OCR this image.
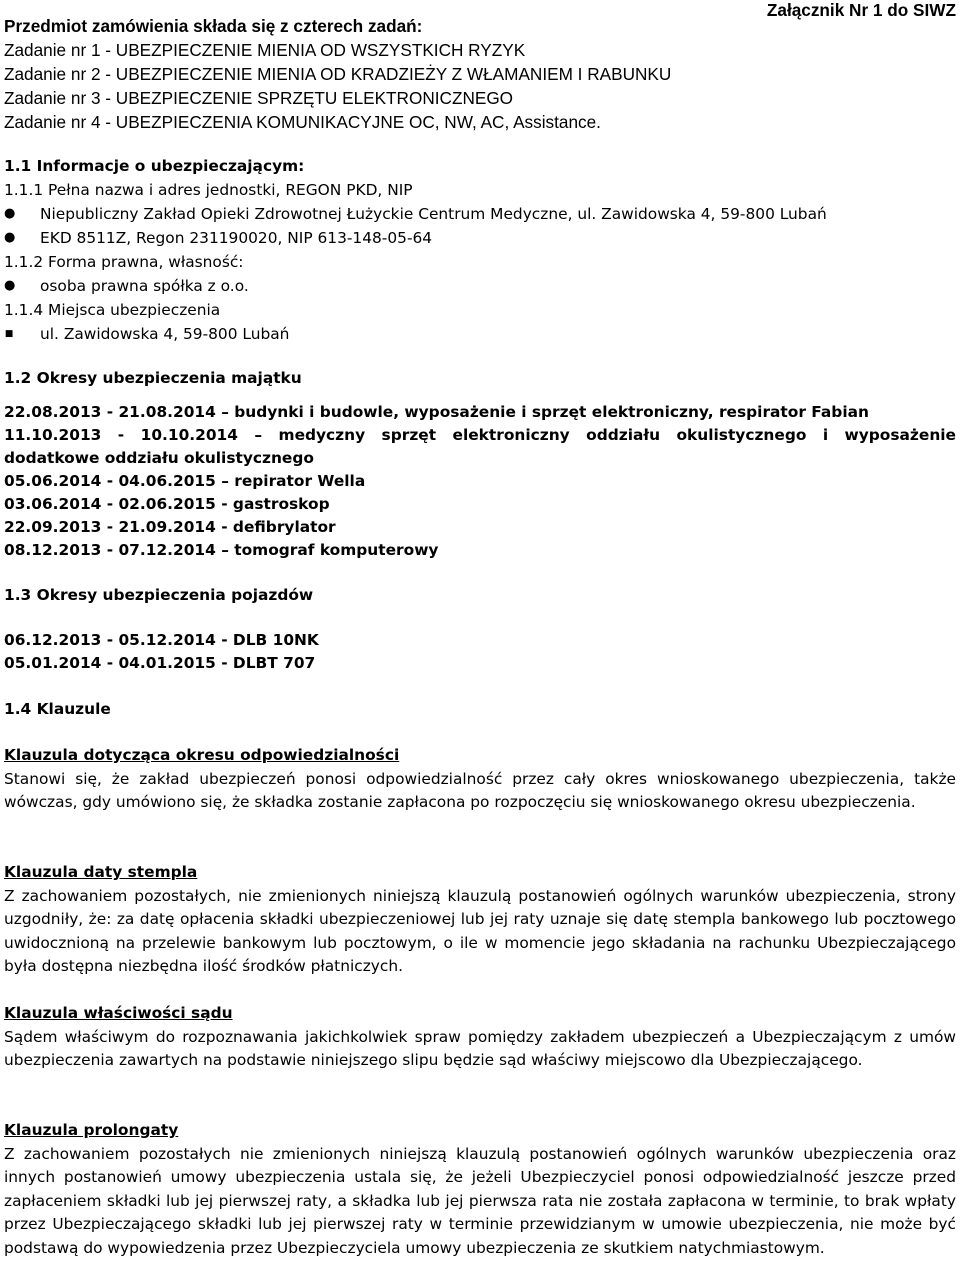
Załącznik Nr 1 do SIWZ
Przedmiot zamówienia składa się z czterech zadań:
Zadanie nr 1 - UBEZPIECZENIE MIENIA OD WSZYSTKICH RYZYK
Zadanie nr 2 - UBEZPIECZENIE MIENIA OD KRADZIEŻY Z WŁAMANIEM I RABUNKU
Zadanie nr 3 - UBEZPIECZENIE SPRZĘTU ELEKTRONICZNEGO
Zadanie nr 4 - UBEZPIECZENIA KOMUNIKACYJNE OC, NW, AC, Assistance.
1.1 Informacje o ubezpieczającym:
1.1.1 Pełna nazwa i adres jednostki, REGON PKD, NIP
● Niepubliczny Zakład Opieki Zdrowotnej Łużyckie Centrum Medyczne, ul. Zawidowska 4, 59-800 Lubań
● EKD 8511Z, Regon 231190020, NIP 613-148-05-64
1.1.2 Forma prawna, własność:
● osoba prawna spółka z o.o.
1.1.4 Miejsca ubezpieczenia
■ ul. Zawidowska 4, 59-800 Lubań
1.2 Okresy ubezpieczenia majątku
22.08.2013 - 21.08.2014 – budynki i budowle, wyposażenie i sprzęt elektroniczny, respirator Fabian
11.10.2013 - 10.10.2014 – medyczny sprzęt elektroniczny oddziału okulistycznego i wyposażenie
dodatkowe oddziału okulistycznego
05.06.2014 - 04.06.2015 – repirator Wella
03.06.2014 - 02.06.2015 - gastroskop
22.09.2013 - 21.09.2014 - defibrylator
08.12.2013 - 07.12.2014 – tomograf komputerowy
1.3 Okresy ubezpieczenia pojazdów
06.12.2013 - 05.12.2014 - DLB 10NK
05.01.2014 - 04.01.2015 - DLBT 707
1.4 Klauzule
Klauzula dotycząca okresu odpowiedzialności
Stanowi się, że zakład ubezpieczeń ponosi odpowiedzialność przez cały okres wnioskowanego ubezpieczenia, także wówczas, gdy umówiono się, że składka zostanie zapłacona po rozpoczęciu się wnioskowanego okresu ubezpieczenia.
Klauzula daty stempla
Z zachowaniem pozostałych, nie zmienionych niniejszą klauzulą postanowień ogólnych warunków ubezpieczenia, strony uzgodniły, że: za datę opłacenia składki ubezpieczeniowej lub jej raty uznaje się datę stempla bankowego lub pocztowego uwidocznioną na przelewie bankowym lub pocztowym, o ile w momencie jego składania na rachunku Ubezpieczającego była dostępna niezbędna ilość środków płatniczych.
Klauzula właściwości sądu
Sądem właściwym do rozpoznawania jakichkolwiek spraw pomiędzy zakładem ubezpieczeń a Ubezpieczającym z umów ubezpieczenia zawartych na podstawie niniejszego slipu będzie sąd właściwy miejscowo dla Ubezpieczającego.
Klauzula prolongaty
Z zachowaniem pozostałych nie zmienionych niniejszą klauzulą postanowień ogólnych warunków ubezpieczenia oraz innych postanowień umowy ubezpieczenia ustala się, że jeżeli Ubezpieczyciel ponosi odpowiedzialność jeszcze przed zapłaceniem składki lub jej pierwszej raty, a składka lub jej pierwsza rata nie została zapłacona w terminie, to brak wpłaty przez Ubezpieczającego składki lub jej pierwszej raty w terminie przewidzianym w umowie ubezpieczenia, nie może być podstawą do wypowiedzenia przez Ubezpieczyciela umowy ubezpieczenia ze skutkiem natychmiastowym.
